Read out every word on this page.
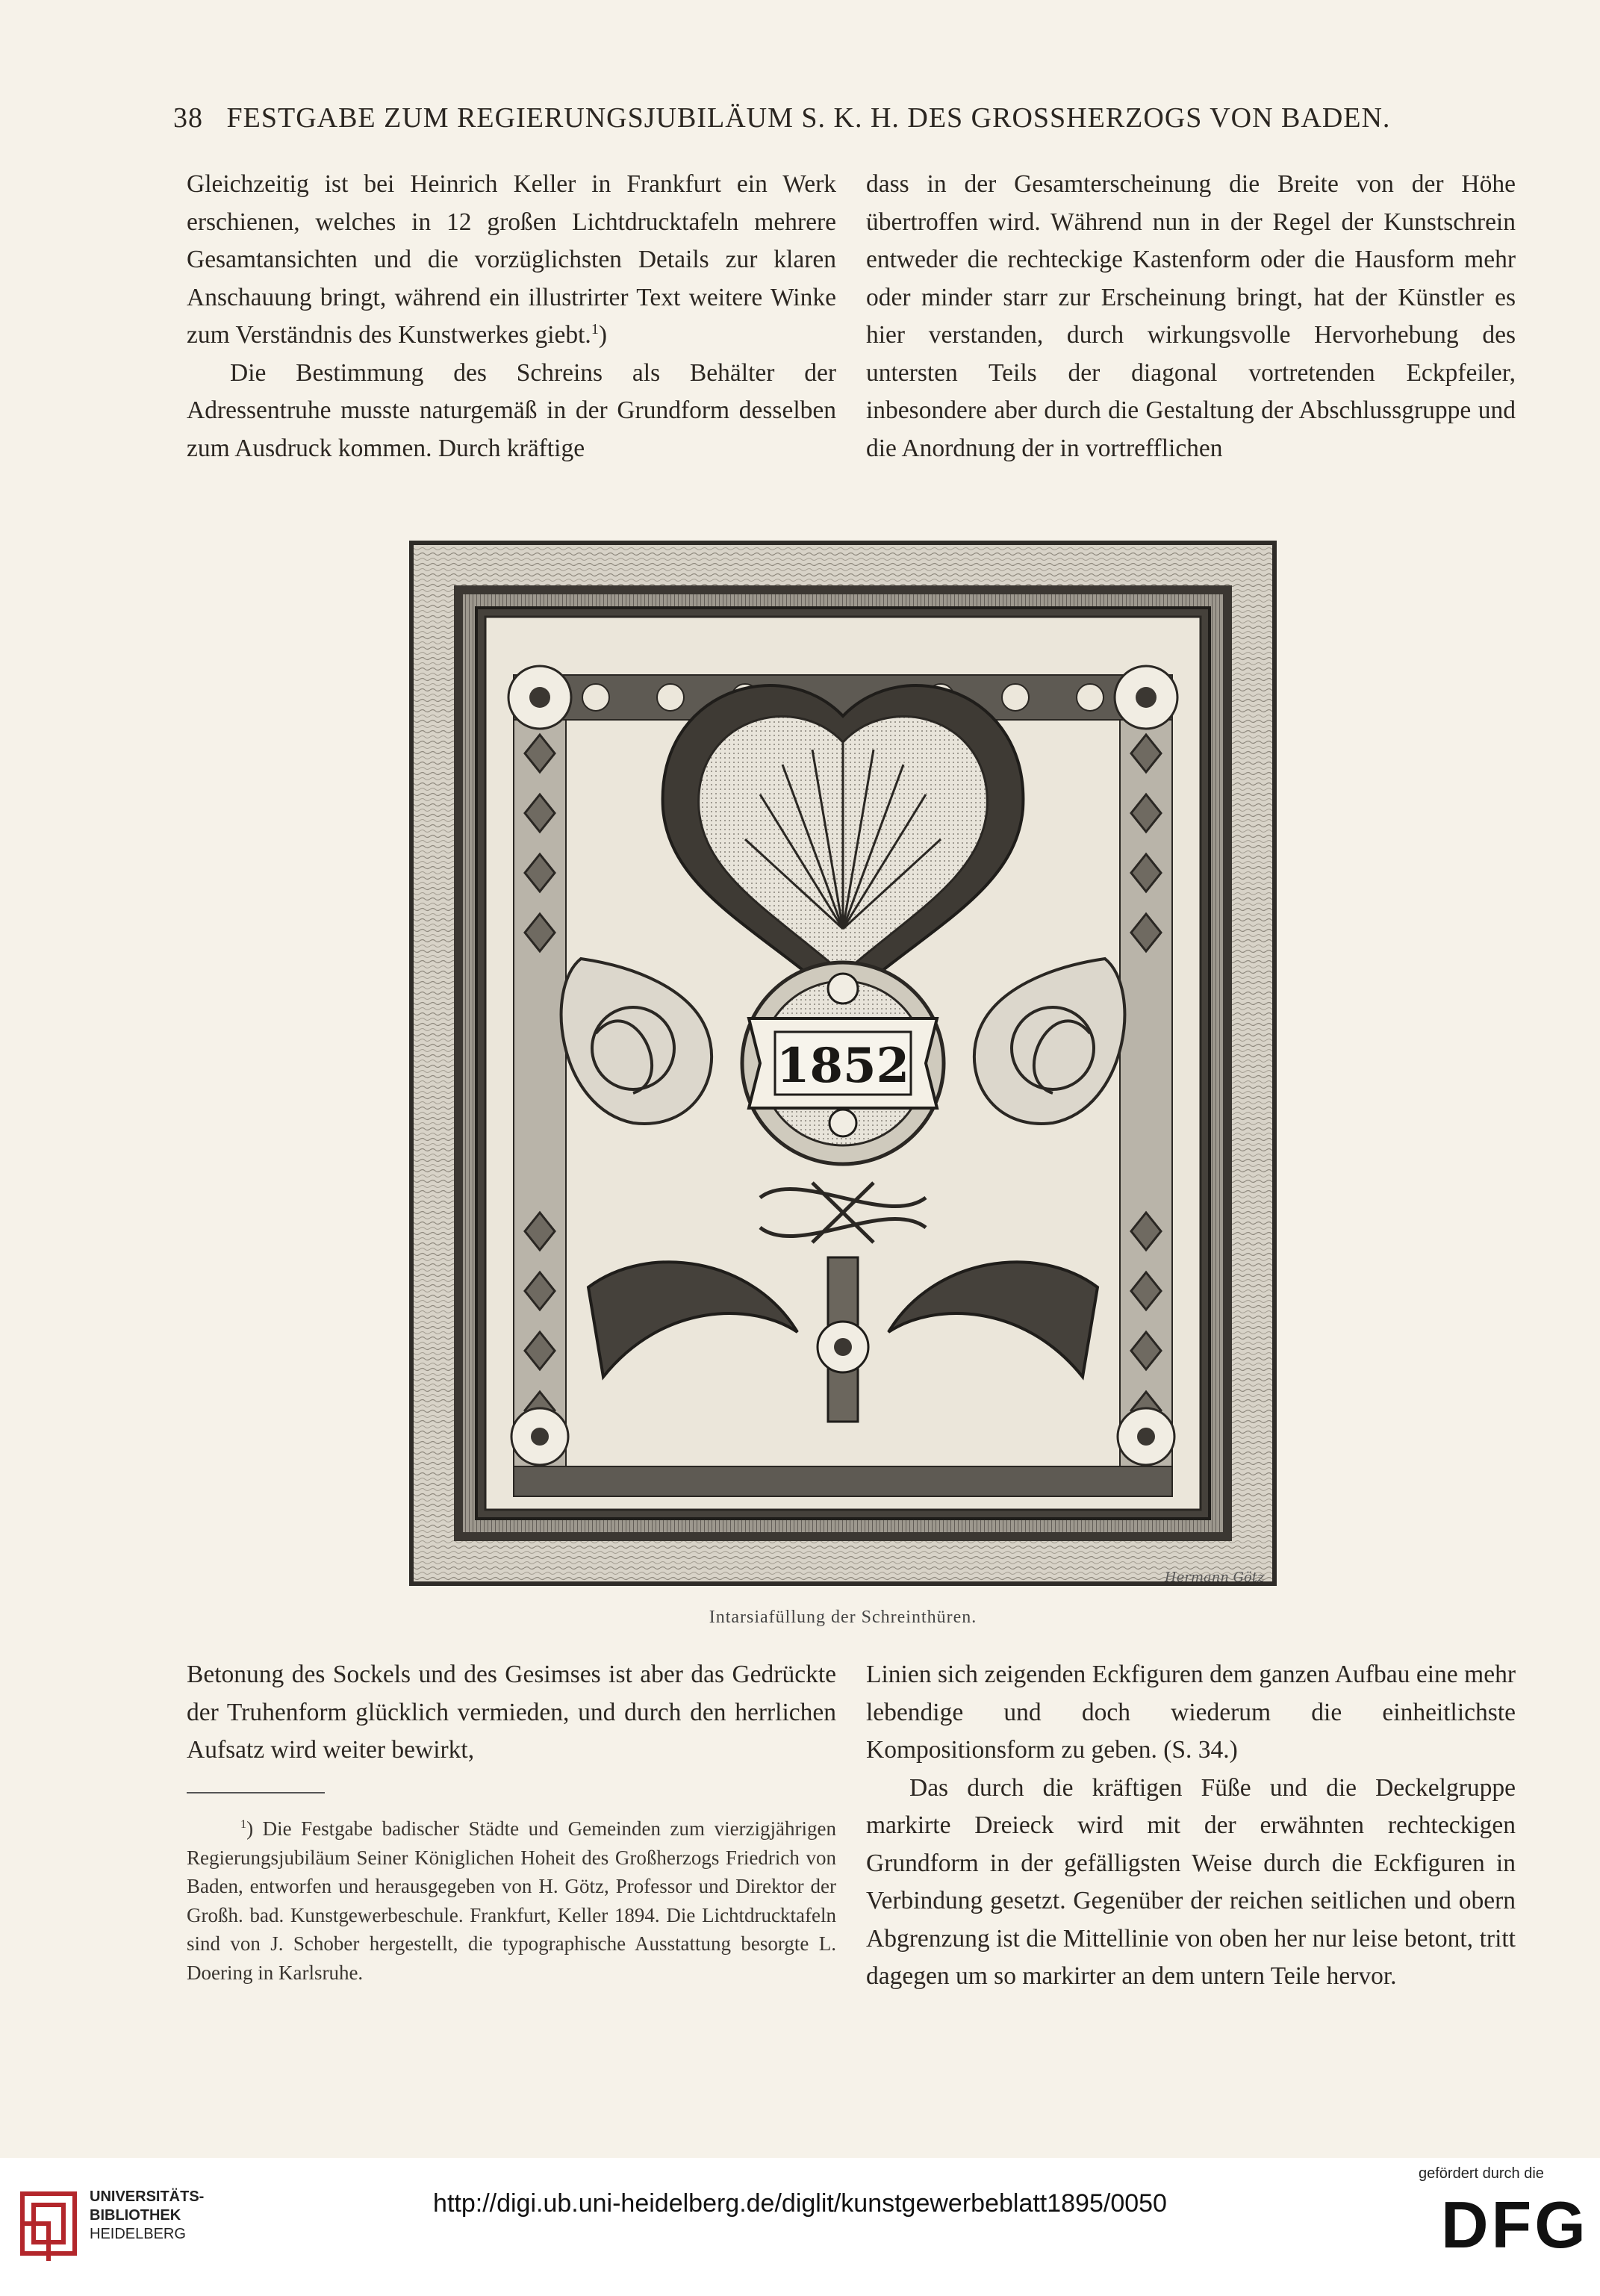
38 FESTGABE ZUM REGIERUNGSJUBILÄUM S. K. H. DES GROSSHERZOGS VON BADEN.

Gleichzeitig ist bei Heinrich Keller in Frankfurt ein Werk erschienen, welches in 12 großen Lichtdrucktafeln mehrere Gesamtansichten und die vorzüglichsten Details zur klaren Anschauung bringt, während ein illustrirter Text weitere Winke zum Verständnis des Kunstwerkes giebt.$^1$)

Die Bestimmung des Schreins als Behälter der Adressentruhe musste naturgemäß in der Grundform desselben zum Ausdruck kommen. Durch kräftige

dass in der Gesamterscheinung die Breite von der Höhe übertroffen wird. Während nun in der Regel der Kunstschrein entweder die rechteckige Kastenform oder die Hausform mehr oder minder starr zur Erscheinung bringt, hat der Künstler es hier verstanden, durch wirkungsvolle Hervorhebung des untersten Teils der diagonal vortretenden Eckpfeiler, inbesondere aber durch die Gestaltung der Abschlussgruppe und die Anordnung der in vortrefflichen

1852
Hermann Götz
Intarsiafüllung der Schreinthüren.

Betonung des Sockels und des Gesimses ist aber das Gedrückte der Truhenform glücklich vermieden, und durch den herrlichen Aufsatz wird weiter bewirkt,

$^1$) Die Festgabe badischer Städte und Gemeinden zum vierzigjährigen Regierungsjubiläum Seiner Königlichen Hoheit des Großherzogs Friedrich von Baden, entworfen und herausgegeben von H. Götz, Professor und Direktor der Großh. bad. Kunstgewerbeschule. Frankfurt, Keller 1894. Die Lichtdrucktafeln sind von J. Schober hergestellt, die typographische Ausstattung besorgte L. Doering in Karlsruhe.

Linien sich zeigenden Eckfiguren dem ganzen Aufbau eine mehr lebendige und doch wiederum die einheitlichste Kompositionsform zu geben. (S. 34.)

Das durch die kräftigen Füße und die Deckelgruppe markirte Dreieck wird mit der erwähnten rechteckigen Grundform in der gefälligsten Weise durch die Eckfiguren in Verbindung gesetzt. Gegenüber der reichen seitlichen und obern Abgrenzung ist die Mittellinie von oben her nur leise betont, tritt dagegen um so markirter an dem untern Teile hervor.

UNIVERSITÄTS-
BIBLIOTHEK
HEIDELBERG
http://digi.ub.uni-heidelberg.de/diglit/kunstgewerbeblatt1895/0050
gefördert durch die
DFG
